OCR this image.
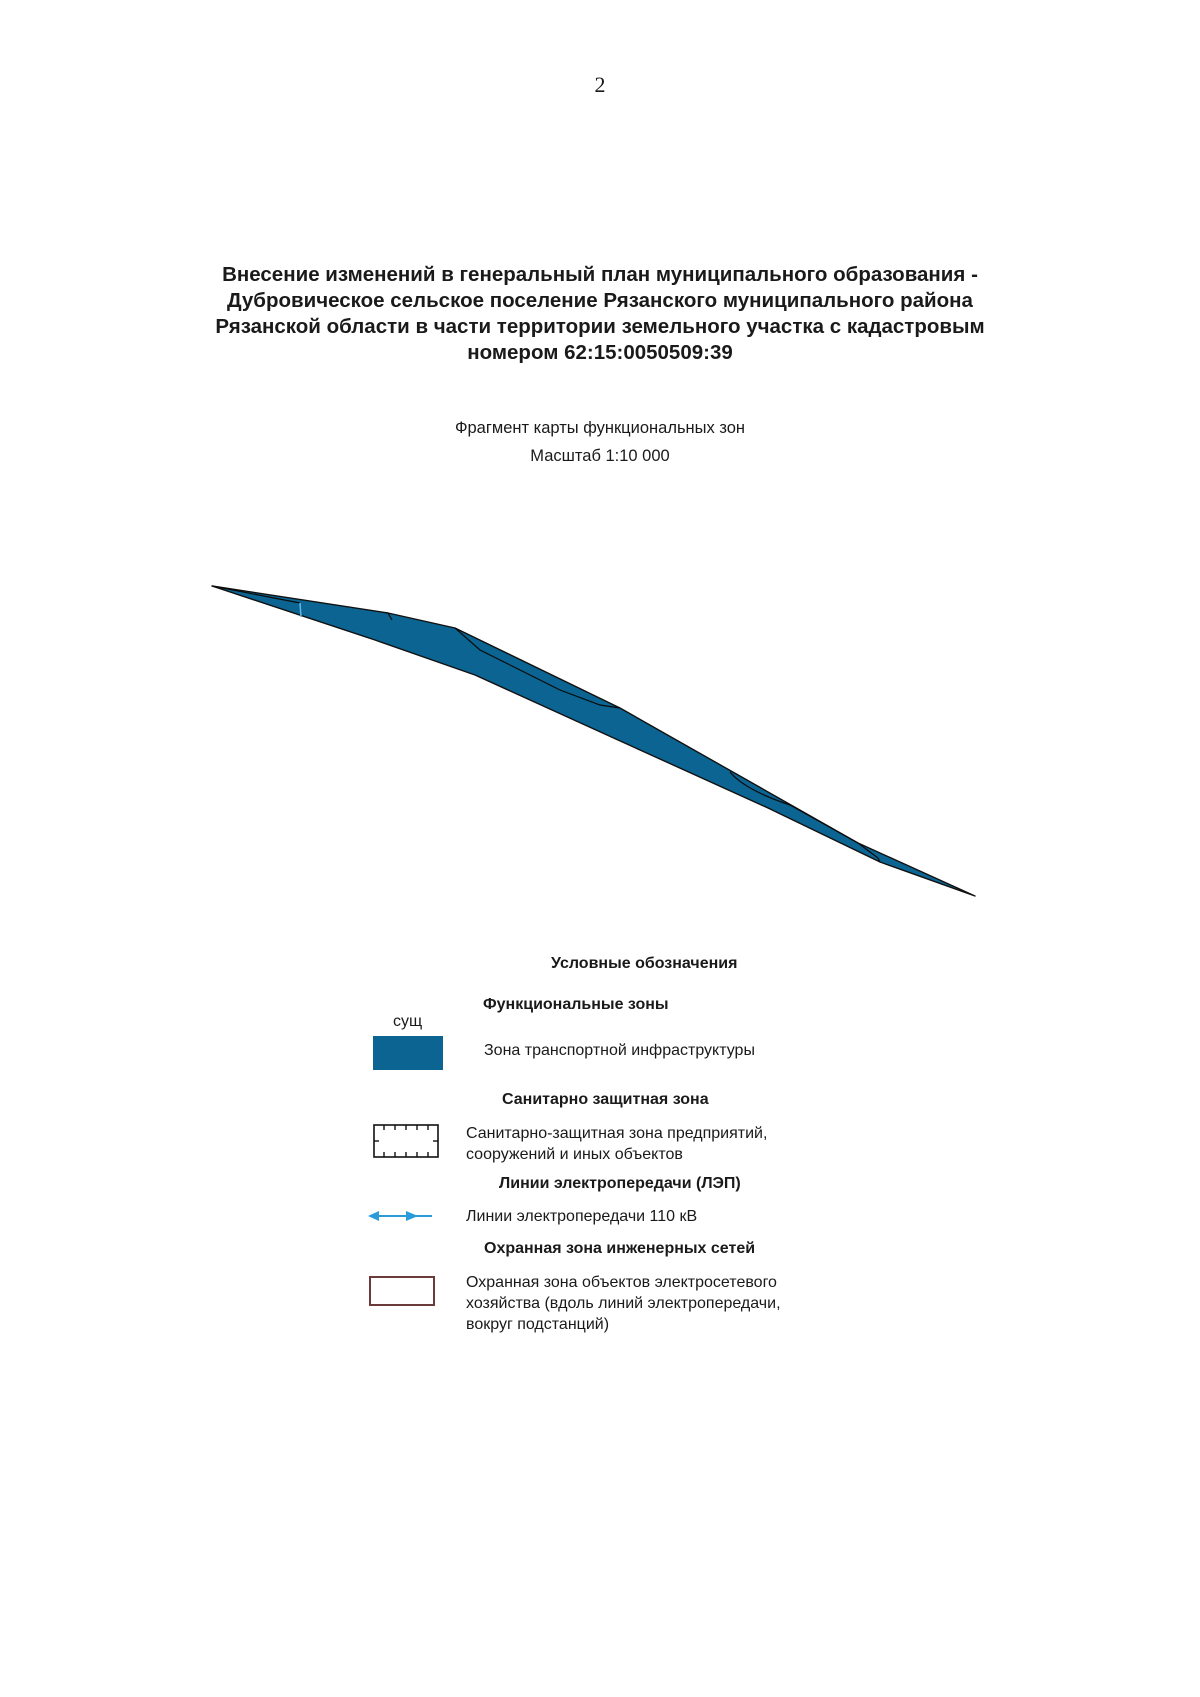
2
Внесение изменений в генеральный план муниципального образования -
Дубровическое сельское поселение Рязанского муниципального района
Рязанской области в части территории земельного участка с кадастровым
номером 62:15:0050509:39
Фрагмент карты функциональных зон
Масштаб 1:10 000
Условные обозначения
Функциональные зоны
сущ
Зона транспортной инфраструктуры
Санитарно защитная зона
Санитарно-защитная зона предприятий,
сооружений и иных объектов
Линии электропередачи (ЛЭП)
Линии электропередачи 110 кВ
Охранная зона инженерных сетей
Охранная зона объектов электросетевого
хозяйства (вдоль линий электропередачи,
вокруг подстанций)
